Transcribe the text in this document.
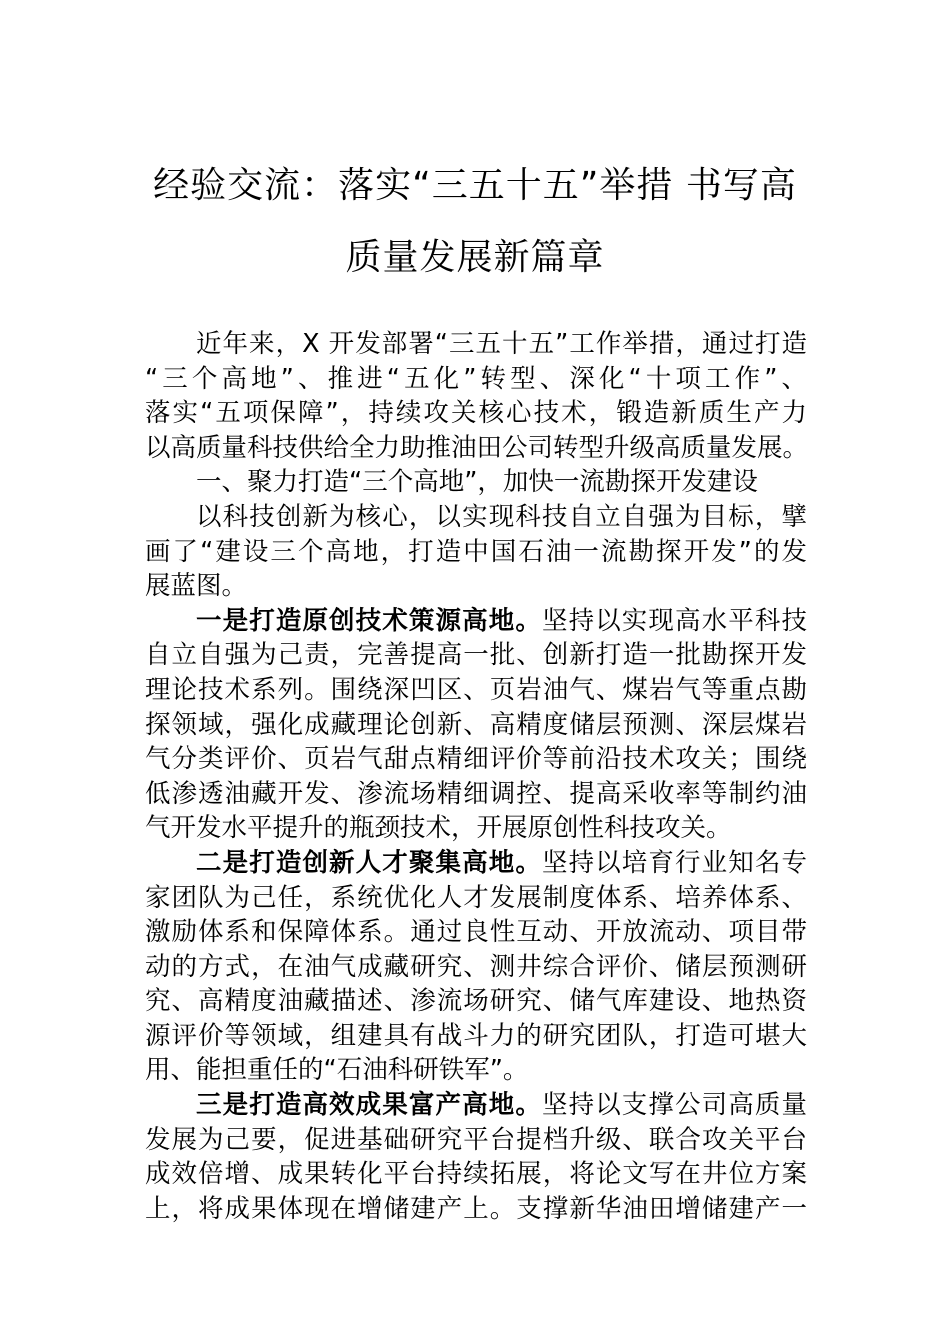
经验交流：落实“三五十五”举措 书写高
质量发展新篇章
近年来，X 开发部署“三五十五”工作举措，通过打造
“三个高地”、推进“五化”转型、深化“十项工作”、
落实“五项保障”，持续攻关核心技术，锻造新质生产力
以高质量科技供给全力助推油田公司转型升级高质量发展。
一、聚力打造“三个高地”，加快一流勘探开发建设
以科技创新为核心，以实现科技自立自强为目标，擘
画了“建设三个高地，打造中国石油一流勘探开发”的发
展蓝图。
一是打造原创技术策源高地。坚持以实现高水平科技
自立自强为己责，完善提高一批、创新打造一批勘探开发
理论技术系列。围绕深凹区、页岩油气、煤岩气等重点勘
探领域，强化成藏理论创新、高精度储层预测、深层煤岩
气分类评价、页岩气甜点精细评价等前沿技术攻关；围绕
低渗透油藏开发、渗流场精细调控、提高采收率等制约油
气开发水平提升的瓶颈技术，开展原创性科技攻关。
二是打造创新人才聚集高地。坚持以培育行业知名专
家团队为己任，系统优化人才发展制度体系、培养体系、
激励体系和保障体系。通过良性互动、开放流动、项目带
动的方式，在油气成藏研究、测井综合评价、储层预测研
究、高精度油藏描述、渗流场研究、储气库建设、地热资
源评价等领域，组建具有战斗力的研究团队，打造可堪大
用、能担重任的“石油科研铁军”。
三是打造高效成果富产高地。坚持以支撑公司高质量
发展为己要，促进基础研究平台提档升级、联合攻关平台
成效倍增、成果转化平台持续拓展，将论文写在井位方案
上，将成果体现在增储建产上。支撑新华油田增储建产一
